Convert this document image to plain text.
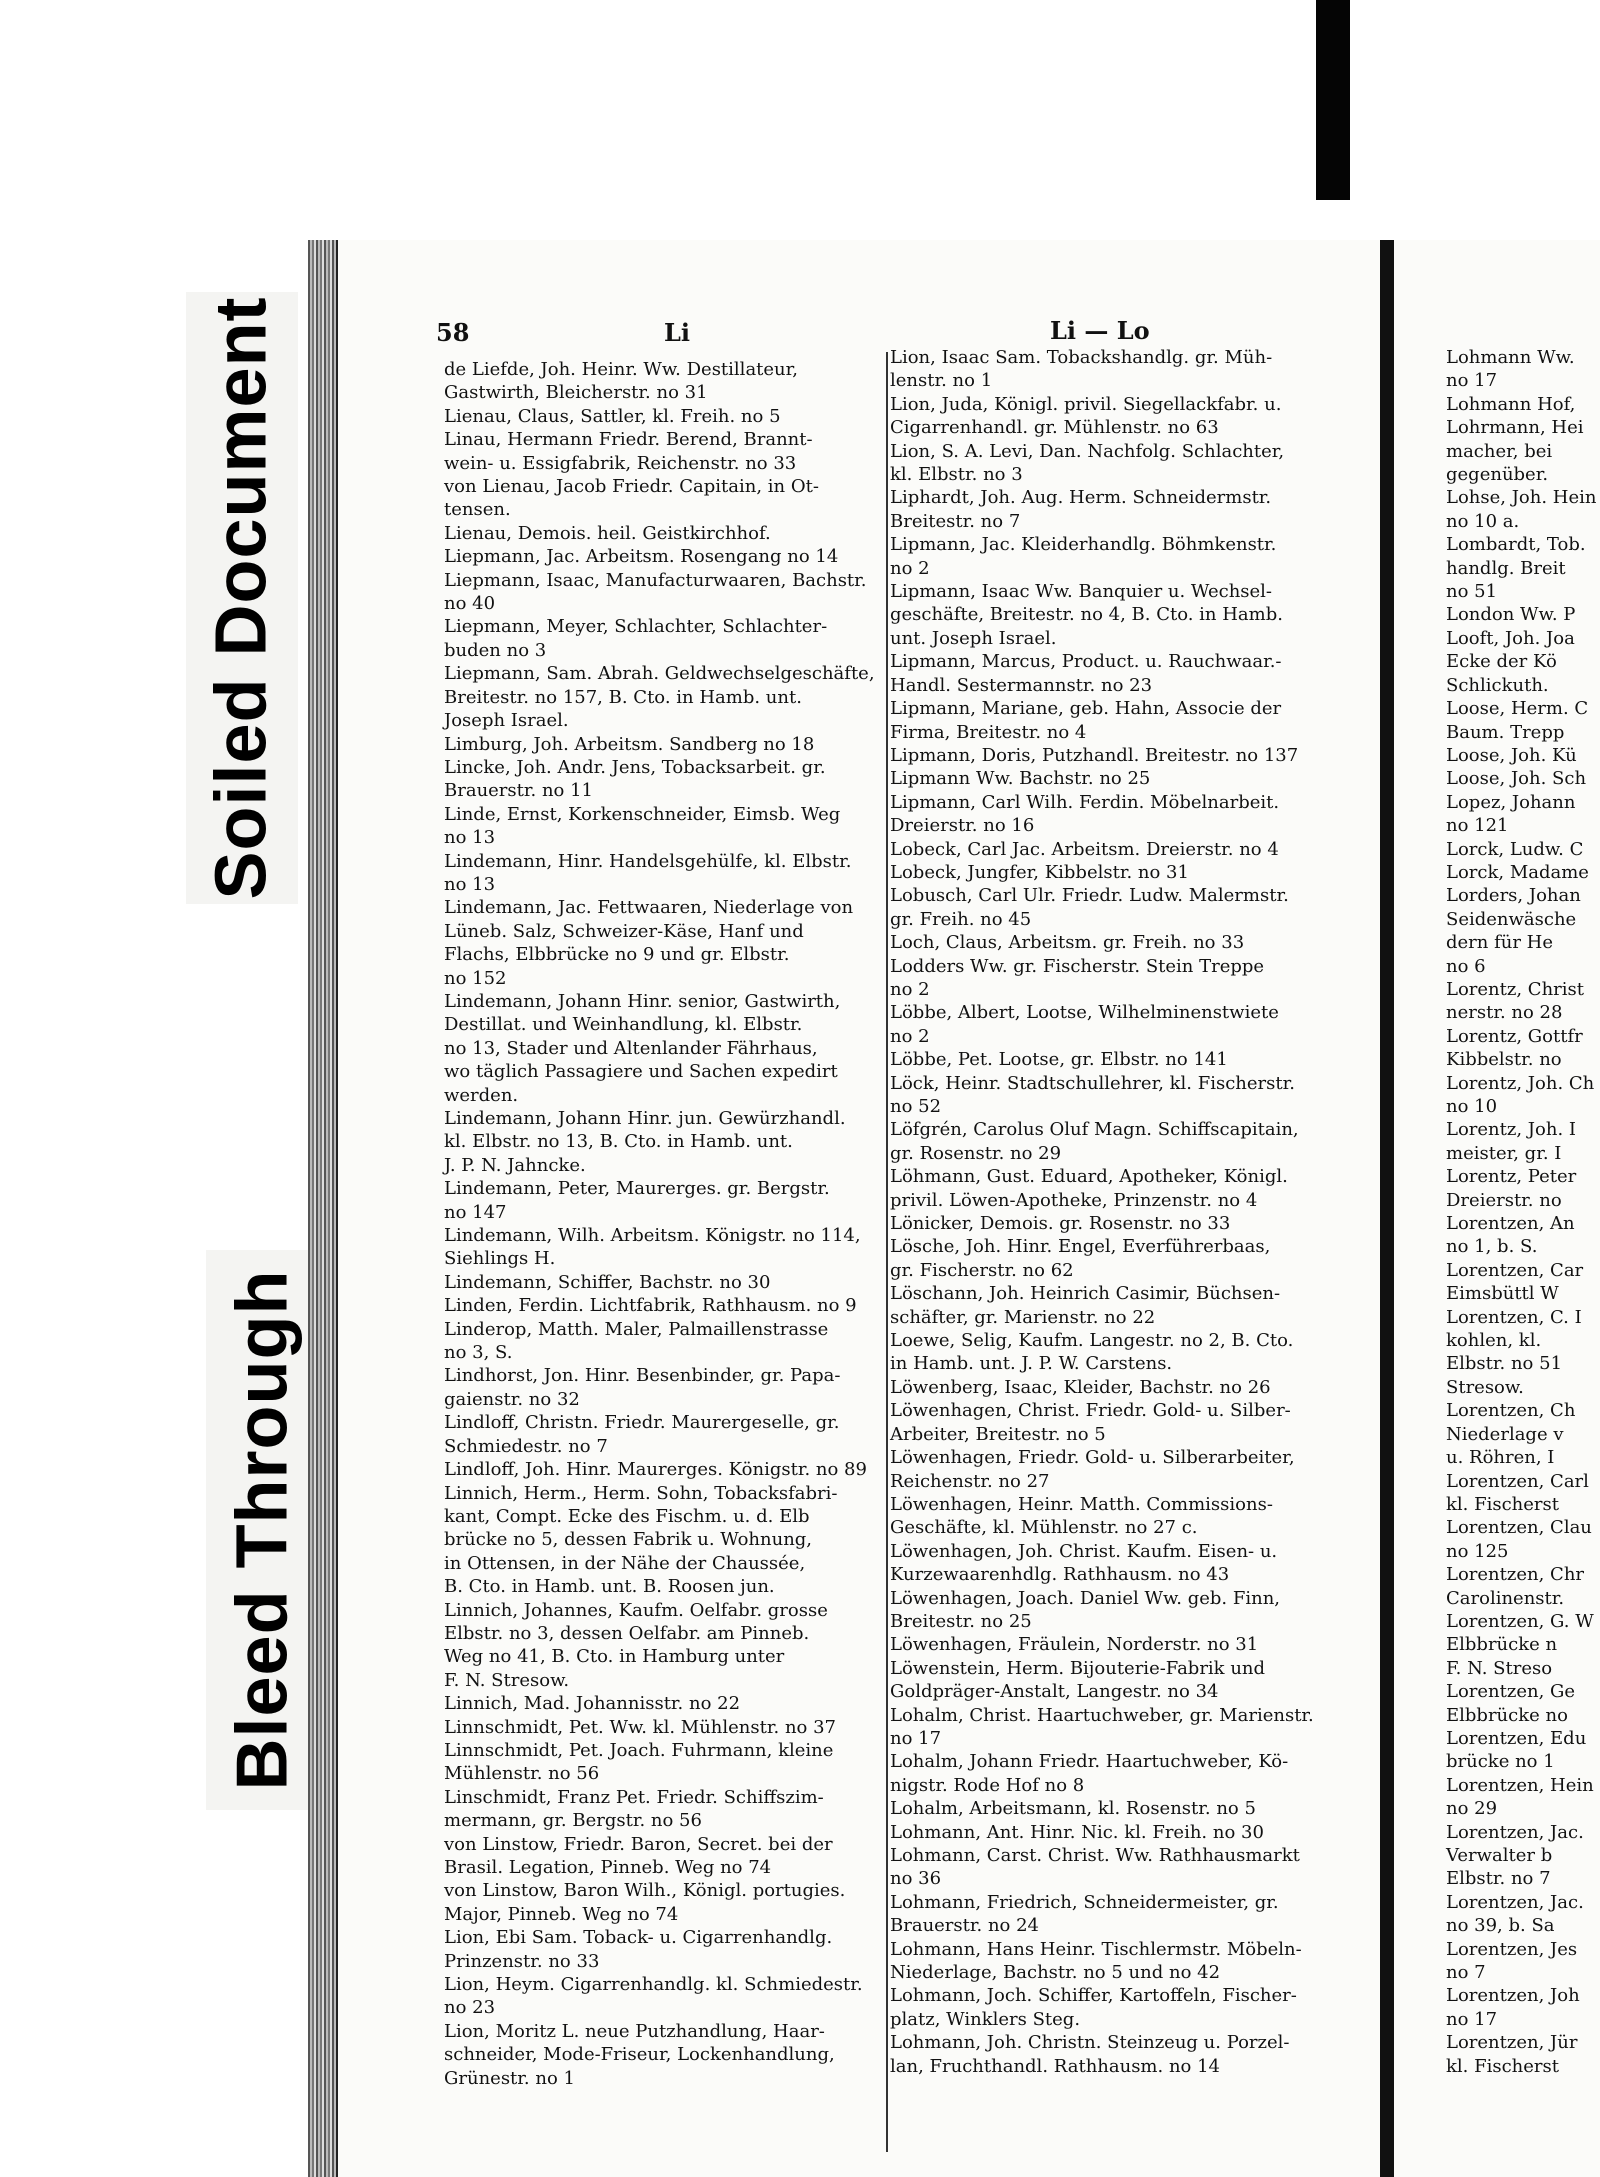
Soiled Document
Bleed Through
58	Li	Li — Lo

de Liefde, Joh. Heinr. Ww. Destillateur,
Gastwirth, Bleicherstr. no 31

Lienau, Claus, Sattler, kl. Freih. no 5

Linau, Hermann Friedr. Berend, Brannt-
wein- u. Essigfabrik, Reichenstr. no 33

von Lienau, Jacob Friedr. Capitain, in Ot-
tensen.

Lienau, Demois. heil. Geistkirchhof.

Liepmann, Jac. Arbeitsm. Rosengang no 14

Liepmann, Isaac, Manufacturwaaren, Bachstr.
no 40

Liepmann, Meyer, Schlachter, Schlachter-
buden no 3

Liepmann, Sam. Abrah. Geldwechselgeschäfte,
Breitestr. no 157, B. Cto. in Hamb. unt.
Joseph Israel.

Limburg, Joh. Arbeitsm. Sandberg no 18

Lincke, Joh. Andr. Jens, Tobacksarbeit. gr.
Brauerstr. no 11

Linde, Ernst, Korkenschneider, Eimsb. Weg
no 13

Lindemann, Hinr. Handelsgehülfe, kl. Elbstr.
no 13

Lindemann, Jac. Fettwaaren, Niederlage von
Lüneb. Salz, Schweizer-Käse, Hanf und
Flachs, Elbbrücke no 9 und gr. Elbstr.
no 152

Lindemann, Johann Hinr. senior, Gastwirth,
Destillat. und Weinhandlung, kl. Elbstr.
no 13, Stader und Altenlander Fährhaus,
wo täglich Passagiere und Sachen expedirt
werden.

Lindemann, Johann Hinr. jun. Gewürzhandl.
kl. Elbstr. no 13, B. Cto. in Hamb. unt.
J. P. N. Jahncke.

Lindemann, Peter, Maurerges. gr. Bergstr.
no 147

Lindemann, Wilh. Arbeitsm. Königstr. no 114,
Siehlings H.

Lindemann, Schiffer, Bachstr. no 30

Linden, Ferdin. Lichtfabrik, Rathhausm. no 9

Linderop, Matth. Maler, Palmaillenstrasse
no 3, S.

Lindhorst, Jon. Hinr. Besenbinder, gr. Papa-
gaienstr. no 32

Lindloff, Christn. Friedr. Maurergeselle, gr.
Schmiedestr. no 7

Lindloff, Joh. Hinr. Maurerges. Königstr. no 89

Linnich, Herm., Herm. Sohn, Tobacksfabri-
kant, Compt. Ecke des Fischm. u. d. Elb
brücke no 5, dessen Fabrik u. Wohnung,
in Ottensen, in der Nähe der Chaussée,
B. Cto. in Hamb. unt. B. Roosen jun.

Linnich, Johannes, Kaufm. Oelfabr. grosse
Elbstr. no 3, dessen Oelfabr. am Pinneb.
Weg no 41, B. Cto. in Hamburg unter
F. N. Stresow.

Linnich, Mad. Johannisstr. no 22

Linnschmidt, Pet. Ww. kl. Mühlenstr. no 37

Linnschmidt, Pet. Joach. Fuhrmann, kleine
Mühlenstr. no 56

Linschmidt, Franz Pet. Friedr. Schiffszim-
mermann, gr. Bergstr. no 56

von Linstow, Friedr. Baron, Secret. bei der
Brasil. Legation, Pinneb. Weg no 74

von Linstow, Baron Wilh., Königl. portugies.
Major, Pinneb. Weg no 74

Lion, Ebi Sam. Toback- u. Cigarrenhandlg.
Prinzenstr. no 33

Lion, Heym. Cigarrenhandlg. kl. Schmiedestr.
no 23

Lion, Moritz L. neue Putzhandlung, Haar-
schneider, Mode-Friseur, Lockenhandlung,
Grünestr. no 1

Lion, Isaac Sam. Tobackshandlg. gr. Müh-
lenstr. no 1

Lion, Juda, Königl. privil. Siegellackfabr. u.
Cigarrenhandl. gr. Mühlenstr. no 63

Lion, S. A. Levi, Dan. Nachfolg. Schlachter,
kl. Elbstr. no 3

Liphardt, Joh. Aug. Herm. Schneidermstr.
Breitestr. no 7

Lipmann, Jac. Kleiderhandlg. Böhmkenstr.
no 2

Lipmann, Isaac Ww. Banquier u. Wechsel-
geschäfte, Breitestr. no 4, B. Cto. in Hamb.
unt. Joseph Israel.

Lipmann, Marcus, Product. u. Rauchwaar.-
Handl. Sestermannstr. no 23

Lipmann, Mariane, geb. Hahn, Associe der
Firma, Breitestr. no 4

Lipmann, Doris, Putzhandl. Breitestr. no 137

Lipmann Ww. Bachstr. no 25

Lipmann, Carl Wilh. Ferdin. Möbelnarbeit.
Dreierstr. no 16

Lobeck, Carl Jac. Arbeitsm. Dreierstr. no 4

Lobeck, Jungfer, Kibbelstr. no 31

Lobusch, Carl Ulr. Friedr. Ludw. Malermstr.
gr. Freih. no 45

Loch, Claus, Arbeitsm. gr. Freih. no 33

Lodders Ww. gr. Fischerstr. Stein Treppe
no 2

Löbbe, Albert, Lootse, Wilhelminenstwiete
no 2

Löbbe, Pet. Lootse, gr. Elbstr. no 141

Löck, Heinr. Stadtschullehrer, kl. Fischerstr.
no 52

Löfgrén, Carolus Oluf Magn. Schiffscapitain,
gr. Rosenstr. no 29

Löhmann, Gust. Eduard, Apotheker, Königl.
privil. Löwen-Apotheke, Prinzenstr. no 4

Lönicker, Demois. gr. Rosenstr. no 33

Lösche, Joh. Hinr. Engel, Everführerbaas,
gr. Fischerstr. no 62

Löschann, Joh. Heinrich Casimir, Büchsen-
schäfter, gr. Marienstr. no 22

Loewe, Selig, Kaufm. Langestr. no 2, B. Cto.
in Hamb. unt. J. P. W. Carstens.

Löwenberg, Isaac, Kleider, Bachstr. no 26

Löwenhagen, Christ. Friedr. Gold- u. Silber-
Arbeiter, Breitestr. no 5

Löwenhagen, Friedr. Gold- u. Silberarbeiter,
Reichenstr. no 27

Löwenhagen, Heinr. Matth. Commissions-
Geschäfte, kl. Mühlenstr. no 27 c.

Löwenhagen, Joh. Christ. Kaufm. Eisen- u.
Kurzewaarenhdlg. Rathhausm. no 43

Löwenhagen, Joach. Daniel Ww. geb. Finn,
Breitestr. no 25

Löwenhagen, Fräulein, Norderstr. no 31

Löwenstein, Herm. Bijouterie-Fabrik und
Goldpräger-Anstalt, Langestr. no 34

Lohalm, Christ. Haartuchweber, gr. Marienstr.
no 17

Lohalm, Johann Friedr. Haartuchweber, Kö-
nigstr. Rode Hof no 8

Lohalm, Arbeitsmann, kl. Rosenstr. no 5

Lohmann, Ant. Hinr. Nic. kl. Freih. no 30

Lohmann, Carst. Christ. Ww. Rathhausmarkt
no 36

Lohmann, Friedrich, Schneidermeister, gr.
Brauerstr. no 24

Lohmann, Hans Heinr. Tischlermstr. Möbeln-
Niederlage, Bachstr. no 5 und no 42

Lohmann, Joch. Schiffer, Kartoffeln, Fischer-
platz, Winklers Steg.

Lohmann, Joh. Christn. Steinzeug u. Porzel-
lan, Fruchthandl. Rathhausm. no 14

Lohmann Ww.
no 17

Lohmann Hof,

Lohrmann, Hei
macher, bei
gegenüber.

Lohse, Joh. Hein
no 10 a.

Lombardt, Tob.
handlg. Breit
no 51

London Ww. P

Looft, Joh. Joa
Ecke der Kö
Schlickuth.

Loose, Herm. C
Baum. Trepp

Loose, Joh. Kü

Loose, Joh. Sch

Lopez, Johann
no 121

Lorck, Ludw. C

Lorck, Madame

Lorders, Johan
Seidenwäsche
dern für He
no 6

Lorentz, Christ
nerstr. no 28

Lorentz, Gottfr
Kibbelstr. no

Lorentz, Joh. Ch
no 10

Lorentz, Joh. I
meister, gr. I

Lorentz, Peter
Dreierstr. no

Lorentzen, An
no 1, b. S.

Lorentzen, Car
Eimsbüttl W

Lorentzen, C. I
kohlen, kl.
Elbstr. no 51
Stresow.

Lorentzen, Ch
Niederlage v
u. Röhren, I

Lorentzen, Carl
kl. Fischerst

Lorentzen, Clau
no 125

Lorentzen, Chr
Carolinenstr.

Lorentzen, G. W
Elbbrücke n
F. N. Streso

Lorentzen, Ge
Elbbrücke no

Lorentzen, Edu
brücke no 1

Lorentzen, Hein
no 29

Lorentzen, Jac.
Verwalter b
Elbstr. no 7

Lorentzen, Jac.
no 39, b. Sa

Lorentzen, Jes
no 7

Lorentzen, Joh
no 17

Lorentzen, Jür
kl. Fischerst
